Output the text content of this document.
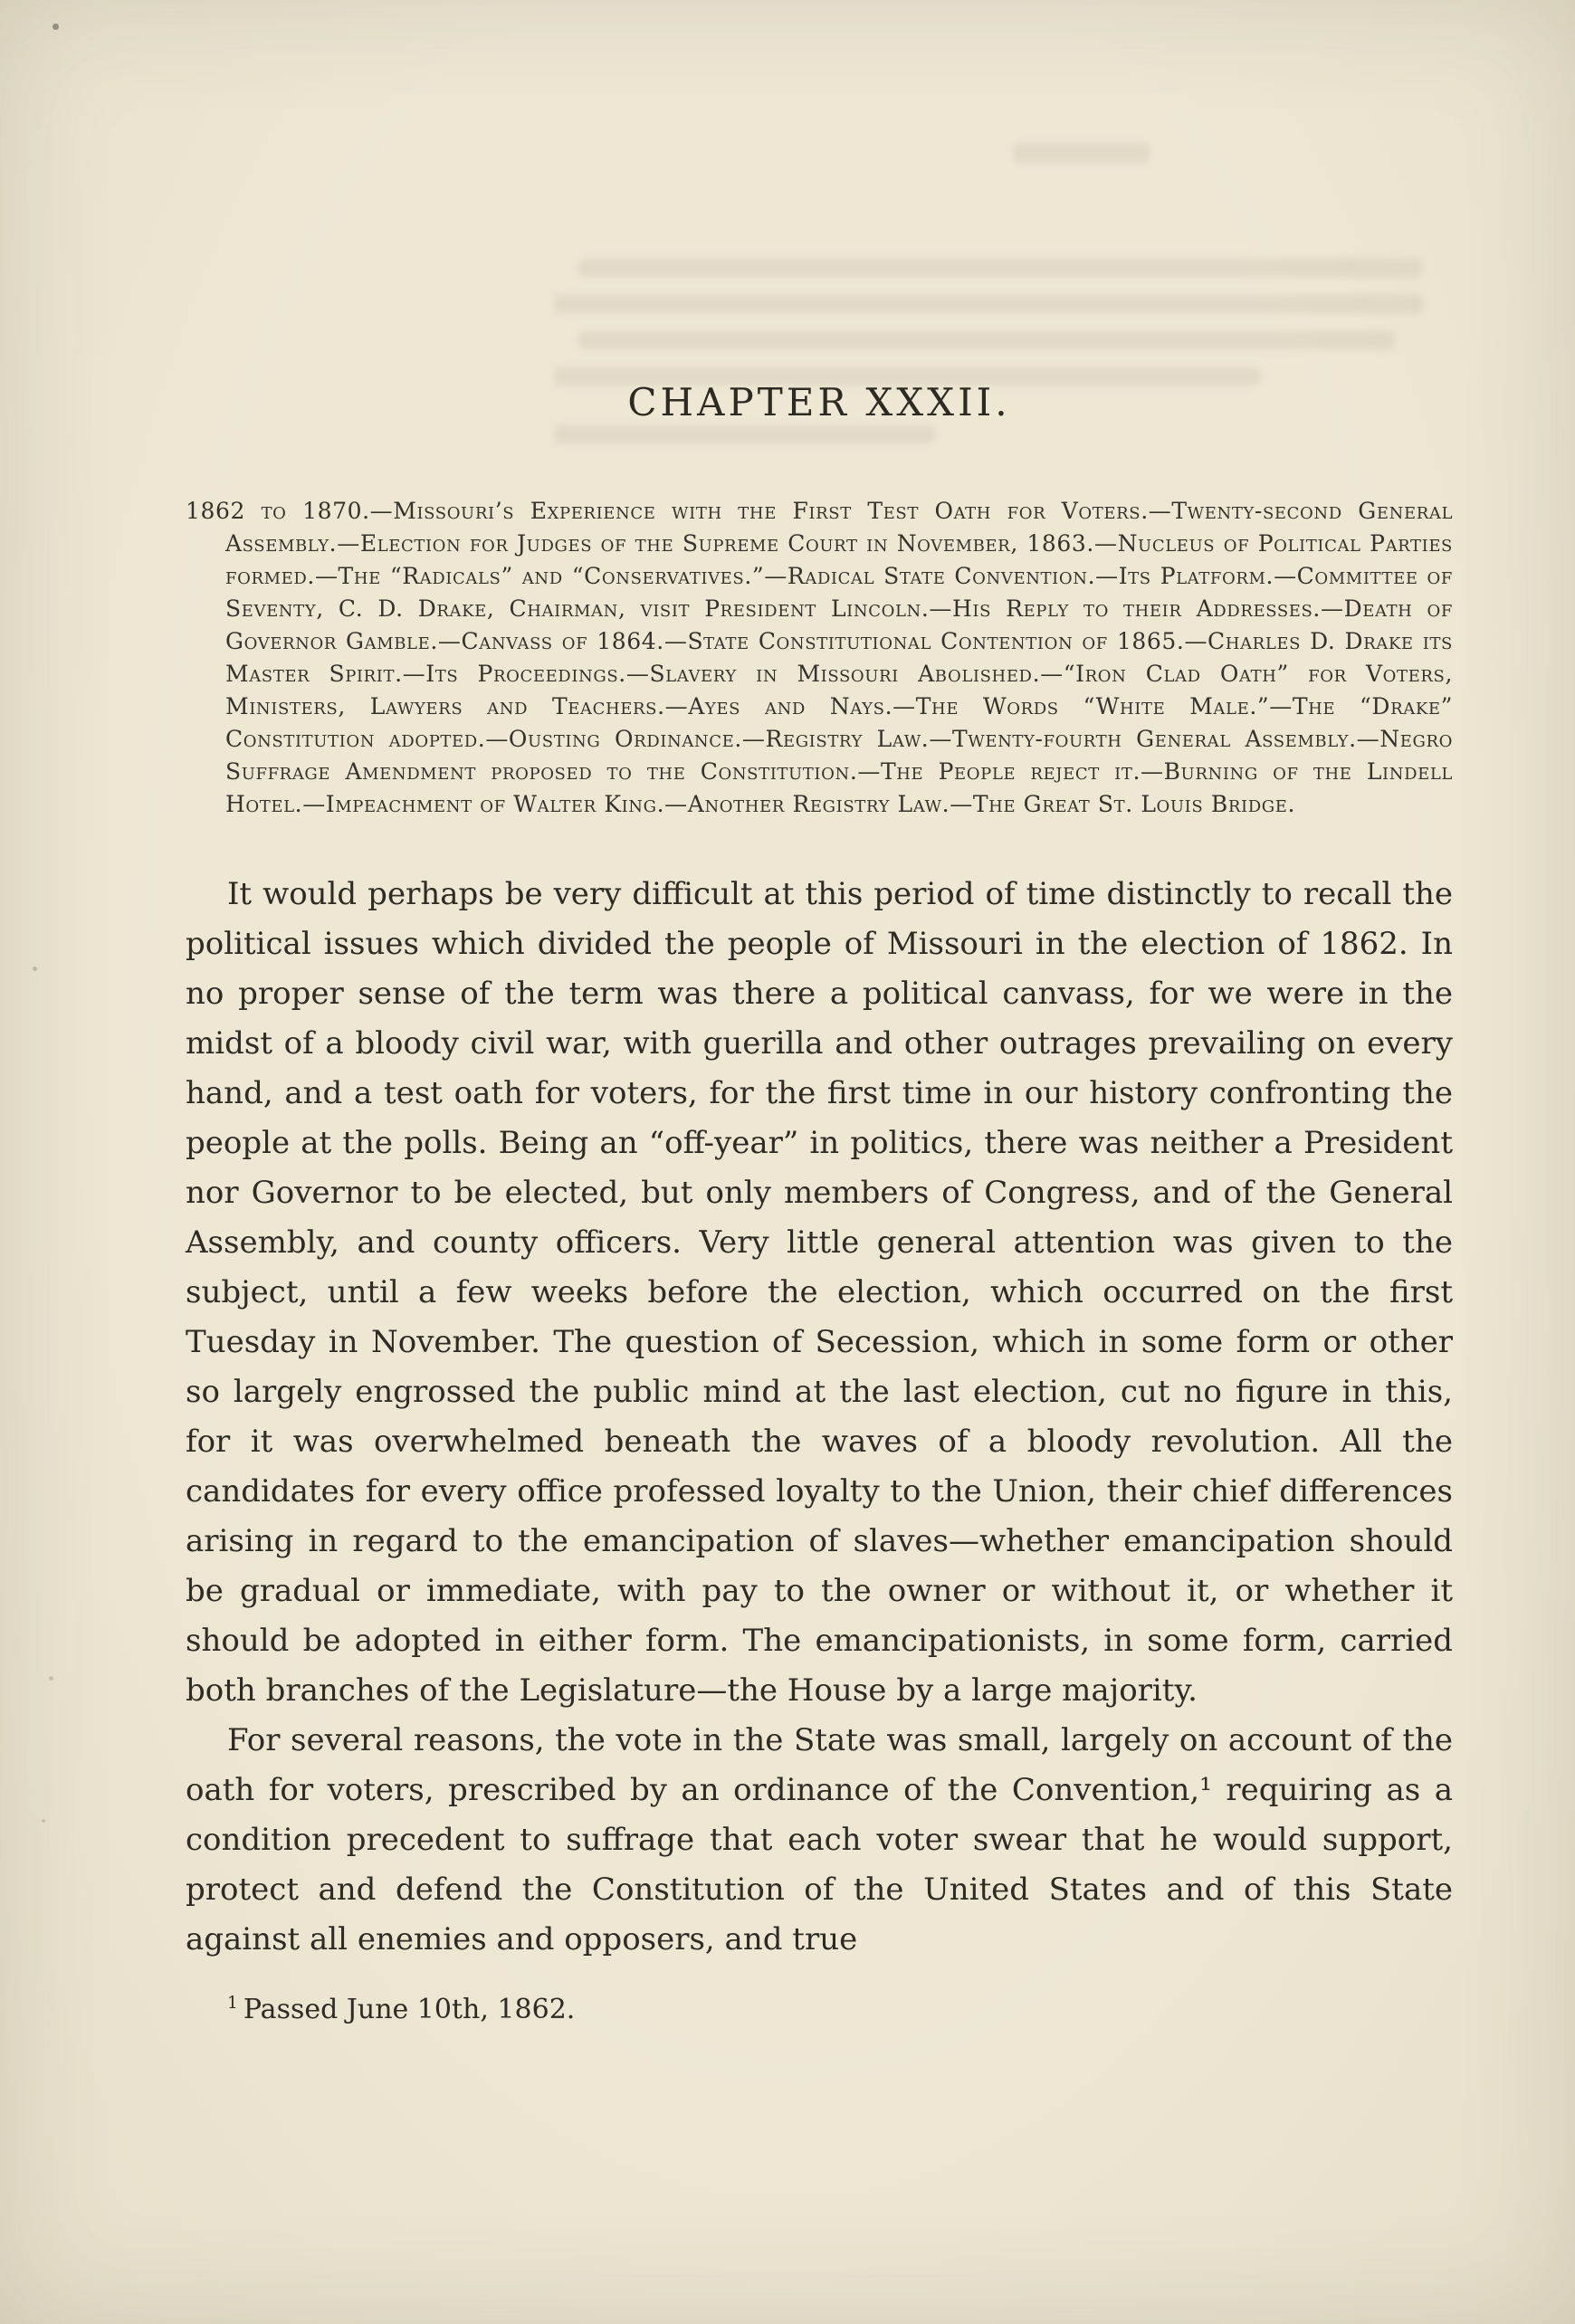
CHAPTER XXXII.

1862 to 1870.—Missouri’s Experience with the First Test Oath for Voters.—Twenty-second General Assembly.—Election for Judges of the Supreme Court in November, 1863.—Nucleus of Political Parties formed.—The “Radicals” and “Conservatives.”—Radical State Convention.—Its Platform.—Committee of Seventy, C. D. Drake, Chairman, visit President Lincoln.—His Reply to their Addresses.—Death of Governor Gamble.—Canvass of 1864.—State Constitutional Contention of 1865.—Charles D. Drake its Master Spirit.—Its Proceedings.—Slavery in Missouri Abolished.—“Iron Clad Oath” for Voters, Ministers, Lawyers and Teachers.—Ayes and Nays.—The Words “White Male.”—The “Drake” Constitution adopted.—Ousting Ordinance.—Registry Law.—Twenty-fourth General Assembly.—Negro Suffrage Amendment proposed to the Constitution.—The People reject it.—Burning of the Lindell Hotel.—Impeachment of Walter King.—Another Registry Law.—The Great St. Louis Bridge.

It would perhaps be very difficult at this period of time distinctly to recall the political issues which divided the people of Missouri in the election of 1862. In no proper sense of the term was there a political canvass, for we were in the midst of a bloody civil war, with guerilla and other outrages prevailing on every hand, and a test oath for voters, for the first time in our history confronting the people at the polls. Being an “off-year” in politics, there was neither a President nor Governor to be elected, but only members of Congress, and of the General Assembly, and county officers. Very little general attention was given to the subject, until a few weeks before the election, which occurred on the first Tuesday in November. The question of Secession, which in some form or other so largely engrossed the public mind at the last election, cut no figure in this, for it was overwhelmed beneath the waves of a bloody revolution. All the candidates for every office professed loyalty to the Union, their chief differences arising in regard to the emancipation of slaves—whether emancipation should be gradual or immediate, with pay to the owner or without it, or whether it should be adopted in either form. The emancipationists, in some form, carried both branches of the Legislature—the House by a large majority.

For several reasons, the vote in the State was small, largely on account of the oath for voters, prescribed by an ordinance of the Convention,¹ requiring as a condition precedent to suffrage that each voter swear that he would support, protect and defend the Constitution of the United States and of this State against all enemies and opposers, and true

$^1$ Passed June 10th, 1862.
